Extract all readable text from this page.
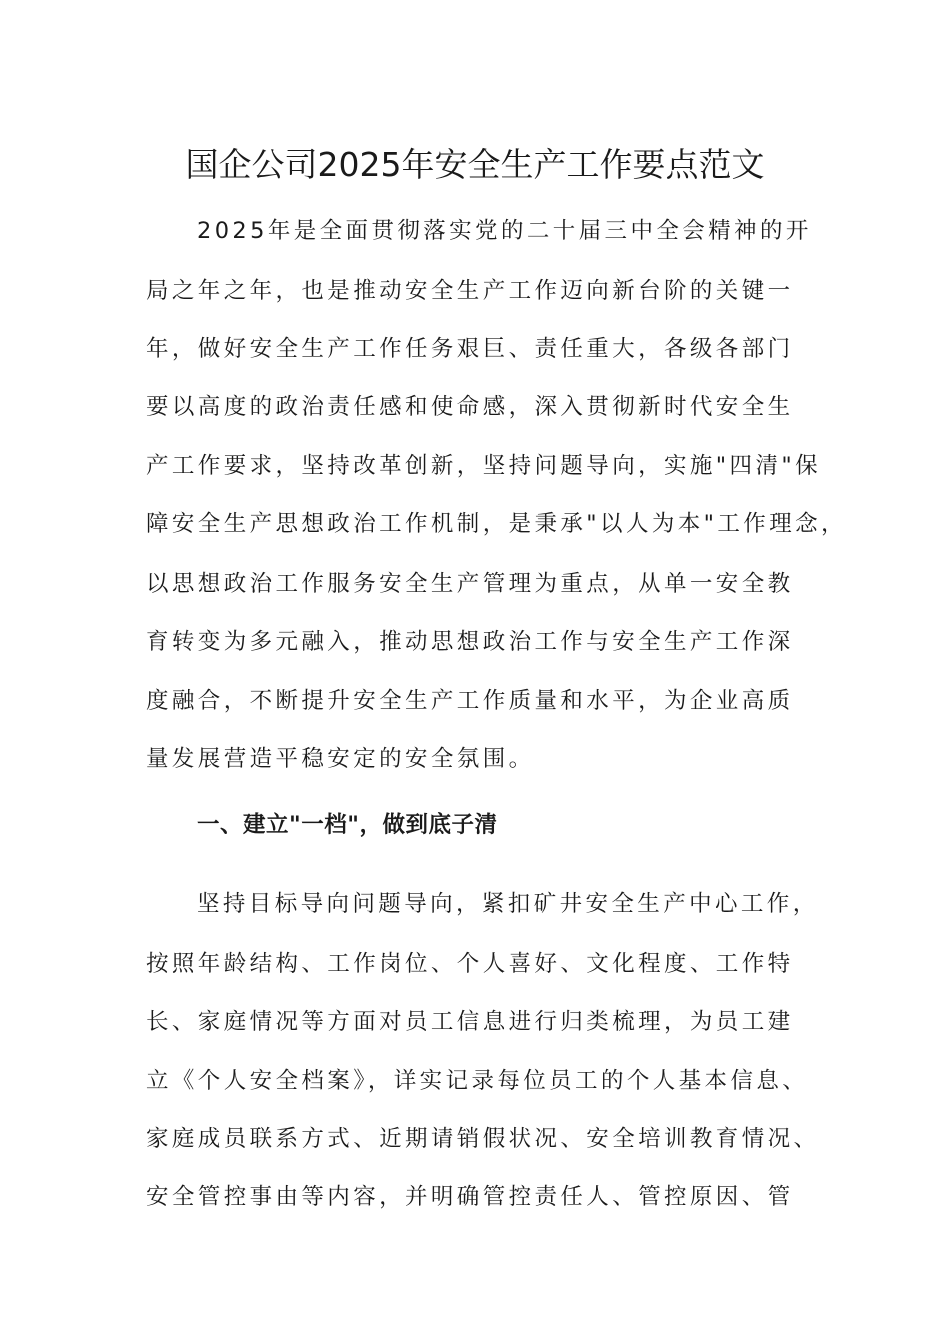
国企公司2025年安全生产工作要点范文
2025年是全面贯彻落实党的二十届三中全会精神的开
局之年之年，也是推动安全生产工作迈向新台阶的关键一
年，做好安全生产工作任务艰巨、责任重大，各级各部门
要以高度的政治责任感和使命感，深入贯彻新时代安全生
产工作要求，坚持改革创新，坚持问题导向，实施"四清"保
障安全生产思想政治工作机制，是秉承"以人为本"工作理念，
以思想政治工作服务安全生产管理为重点，从单一安全教
育转变为多元融入，推动思想政治工作与安全生产工作深
度融合，不断提升安全生产工作质量和水平，为企业高质
量发展营造平稳安定的安全氛围。
一、建立"一档"，做到底子清
坚持目标导向问题导向，紧扣矿井安全生产中心工作，
按照年龄结构、工作岗位、个人喜好、文化程度、工作特
长、家庭情况等方面对员工信息进行归类梳理，为员工建
立《个人安全档案》，详实记录每位员工的个人基本信息、
家庭成员联系方式、近期请销假状况、安全培训教育情况、
安全管控事由等内容，并明确管控责任人、管控原因、管
